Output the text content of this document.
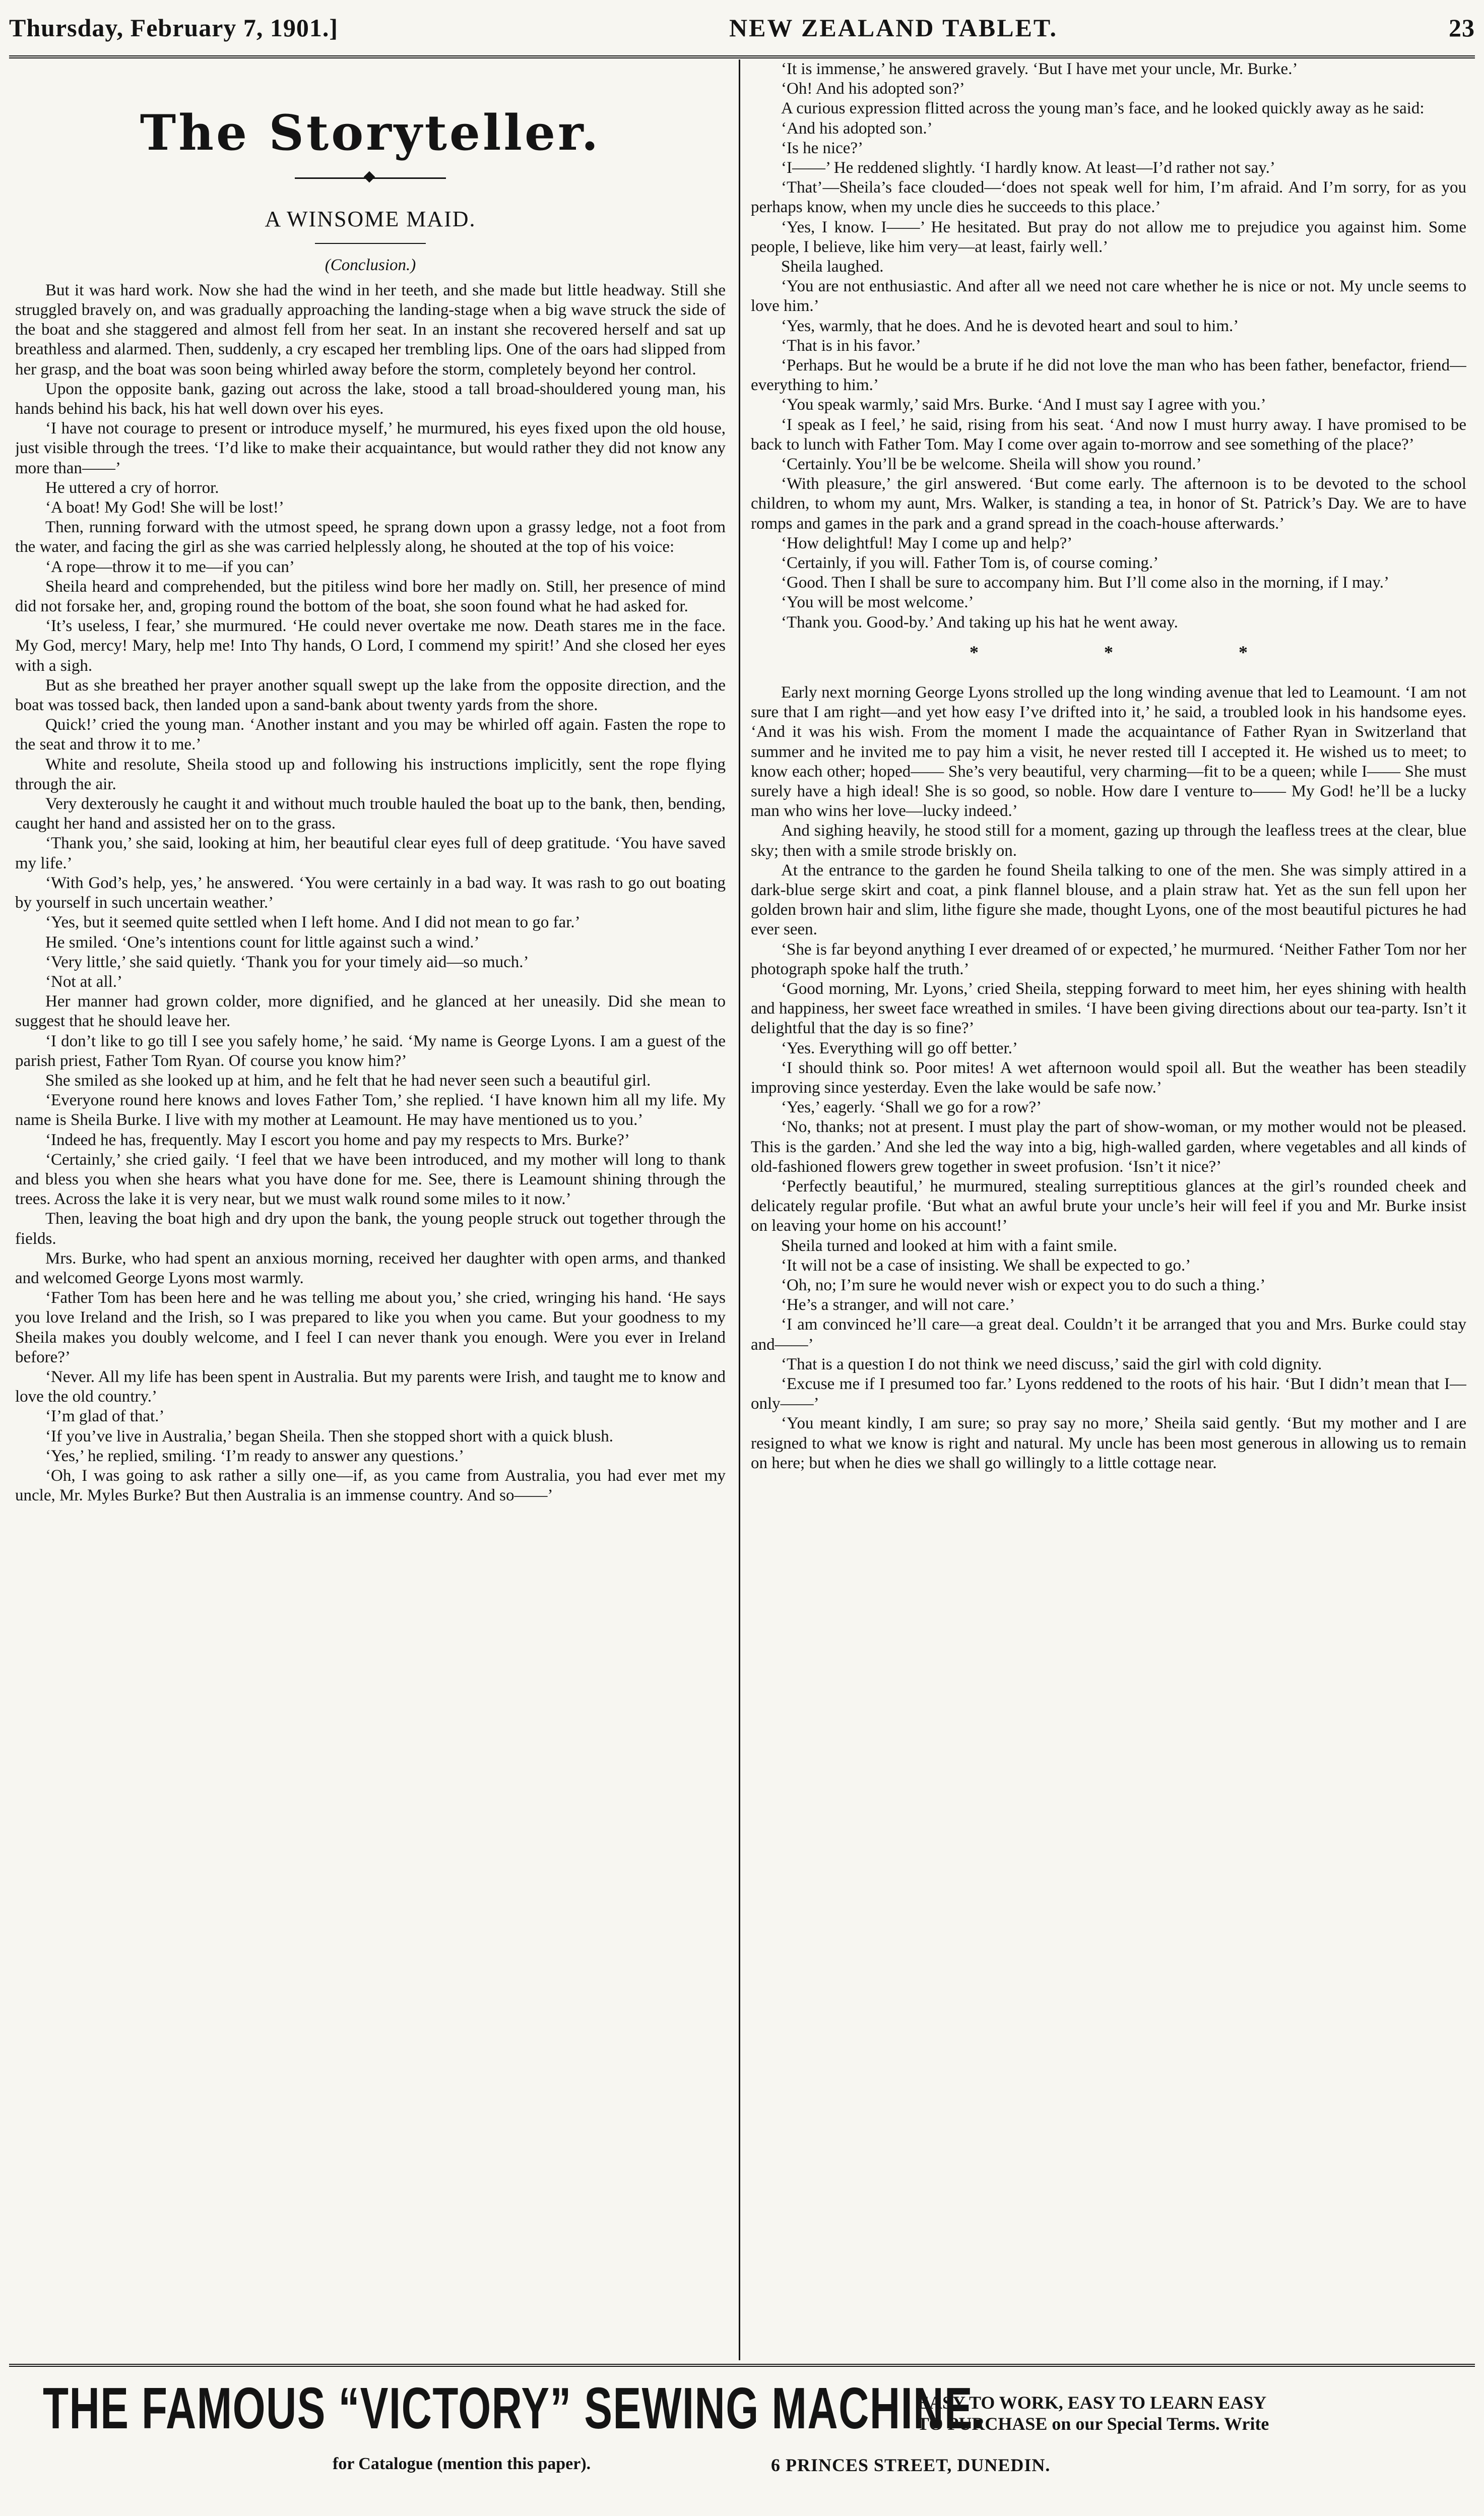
Thursday, February 7, 1901.]	NEW ZEALAND TABLET.	23
The Storyteller.
A WINSOME MAID.
(Conclusion.)

But it was hard work. Now she had the wind in her teeth, and she made but little headway. Still she struggled bravely on, and was gradually approaching the landing-stage when a big wave struck the side of the boat and she staggered and almost fell from her seat. In an instant she recovered herself and sat up breathless and alarmed. Then, suddenly, a cry escaped her trembling lips. One of the oars had slipped from her grasp, and the boat was soon being whirled away before the storm, completely beyond her control.

Upon the opposite bank, gazing out across the lake, stood a tall broad-shouldered young man, his hands behind his back, his hat well down over his eyes.

‘I have not courage to present or introduce myself,’ he murmured, his eyes fixed upon the old house, just visible through the trees. ‘I’d like to make their acquaintance, but would rather they did not know any more than——’

He uttered a cry of horror.

‘A boat! My God! She will be lost!’

Then, running forward with the utmost speed, he sprang down upon a grassy ledge, not a foot from the water, and facing the girl as she was carried helplessly along, he shouted at the top of his voice:

‘A rope—throw it to me—if you can’

Sheila heard and comprehended, but the pitiless wind bore her madly on. Still, her presence of mind did not forsake her, and, groping round the bottom of the boat, she soon found what he had asked for.

‘It’s useless, I fear,’ she murmured. ‘He could never overtake me now. Death stares me in the face. My God, mercy! Mary, help me! Into Thy hands, O Lord, I commend my spirit!’ And she closed her eyes with a sigh.

But as she breathed her prayer another squall swept up the lake from the opposite direction, and the boat was tossed back, then landed upon a sand-bank about twenty yards from the shore.

Quick!’ cried the young man. ‘Another instant and you may be whirled off again. Fasten the rope to the seat and throw it to me.’

White and resolute, Sheila stood up and following his instructions implicitly, sent the rope flying through the air.

Very dexterously he caught it and without much trouble hauled the boat up to the bank, then, bending, caught her hand and assisted her on to the grass.

‘Thank you,’ she said, looking at him, her beautiful clear eyes full of deep gratitude. ‘You have saved my life.’

‘With God’s help, yes,’ he answered. ‘You were certainly in a bad way. It was rash to go out boating by yourself in such uncertain weather.’

‘Yes, but it seemed quite settled when I left home. And I did not mean to go far.’

He smiled. ‘One’s intentions count for little against such a wind.’

‘Very little,’ she said quietly. ‘Thank you for your timely aid—so much.’

‘Not at all.’

Her manner had grown colder, more dignified, and he glanced at her uneasily. Did she mean to suggest that he should leave her.

‘I don’t like to go till I see you safely home,’ he said. ‘My name is George Lyons. I am a guest of the parish priest, Father Tom Ryan. Of course you know him?’

She smiled as she looked up at him, and he felt that he had never seen such a beautiful girl.

‘Everyone round here knows and loves Father Tom,’ she replied. ‘I have known him all my life. My name is Sheila Burke. I live with my mother at Leamount. He may have mentioned us to you.’

‘Indeed he has, frequently. May I escort you home and pay my respects to Mrs. Burke?’

‘Certainly,’ she cried gaily. ‘I feel that we have been introduced, and my mother will long to thank and bless you when she hears what you have done for me. See, there is Leamount shining through the trees. Across the lake it is very near, but we must walk round some miles to it now.’

Then, leaving the boat high and dry upon the bank, the young people struck out together through the fields.

Mrs. Burke, who had spent an anxious morning, received her daughter with open arms, and thanked and welcomed George Lyons most warmly.

‘Father Tom has been here and he was telling me about you,’ she cried, wringing his hand. ‘He says you love Ireland and the Irish, so I was prepared to like you when you came. But your goodness to my Sheila makes you doubly welcome, and I feel I can never thank you enough. Were you ever in Ireland before?’

‘Never. All my life has been spent in Australia. But my parents were Irish, and taught me to know and love the old country.’

‘I’m glad of that.’

‘If you’ve live in Australia,’ began Sheila. Then she stopped short with a quick blush.

‘Yes,’ he replied, smiling. ‘I’m ready to answer any questions.’

‘Oh, I was going to ask rather a silly one—if, as you came from Australia, you had ever met my uncle, Mr. Myles Burke? But then Australia is an immense country. And so——’

‘It is immense,’ he answered gravely. ‘But I have met your uncle, Mr. Burke.’

‘Oh! And his adopted son?’

A curious expression flitted across the young man’s face, and he looked quickly away as he said:

‘And his adopted son.’

‘Is he nice?’

‘I——’ He reddened slightly. ‘I hardly know. At least—I’d rather not say.’

‘That’—Sheila’s face clouded—‘does not speak well for him, I’m afraid. And I’m sorry, for as you perhaps know, when my uncle dies he succeeds to this place.’

‘Yes, I know. I——’ He hesitated. But pray do not allow me to prejudice you against him. Some people, I believe, like him very—at least, fairly well.’

Sheila laughed.

‘You are not enthusiastic. And after all we need not care whether he is nice or not. My uncle seems to love him.’

‘Yes, warmly, that he does. And he is devoted heart and soul to him.’

‘That is in his favor.’

‘Perhaps. But he would be a brute if he did not love the man who has been father, benefactor, friend—everything to him.’

‘You speak warmly,’ said Mrs. Burke. ‘And I must say I agree with you.’

‘I speak as I feel,’ he said, rising from his seat. ‘And now I must hurry away. I have promised to be back to lunch with Father Tom. May I come over again to-morrow and see something of the place?’

‘Certainly. You’ll be be welcome. Sheila will show you round.’

‘With pleasure,’ the girl answered. ‘But come early. The afternoon is to be devoted to the school children, to whom my aunt, Mrs. Walker, is standing a tea, in honor of St. Patrick’s Day. We are to have romps and games in the park and a grand spread in the coach-house afterwards.’

‘How delightful! May I come up and help?’

‘Certainly, if you will. Father Tom is, of course coming.’

‘Good. Then I shall be sure to accompany him. But I’ll come also in the morning, if I may.’

‘You will be most welcome.’

‘Thank you. Good-by.’ And taking up his hat he went away.

* * *

Early next morning George Lyons strolled up the long winding avenue that led to Leamount. ‘I am not sure that I am right—and yet how easy I’ve drifted into it,’ he said, a troubled look in his handsome eyes. ‘And it was his wish. From the moment I made the acquaintance of Father Ryan in Switzerland that summer and he invited me to pay him a visit, he never rested till I accepted it. He wished us to meet; to know each other; hoped—— She’s very beautiful, very charming—fit to be a queen; while I—— She must surely have a high ideal! She is so good, so noble. How dare I venture to—— My God! he’ll be a lucky man who wins her love—lucky indeed.’

And sighing heavily, he stood still for a moment, gazing up through the leafless trees at the clear, blue sky; then with a smile strode briskly on.

At the entrance to the garden he found Sheila talking to one of the men. She was simply attired in a dark-blue serge skirt and coat, a pink flannel blouse, and a plain straw hat. Yet as the sun fell upon her golden brown hair and slim, lithe figure she made, thought Lyons, one of the most beautiful pictures he had ever seen.

‘She is far beyond anything I ever dreamed of or expected,’ he murmured. ‘Neither Father Tom nor her photograph spoke half the truth.’

‘Good morning, Mr. Lyons,’ cried Sheila, stepping forward to meet him, her eyes shining with health and happiness, her sweet face wreathed in smiles. ‘I have been giving directions about our tea-party. Isn’t it delightful that the day is so fine?’

‘Yes. Everything will go off better.’

‘I should think so. Poor mites! A wet afternoon would spoil all. But the weather has been steadily improving since yesterday. Even the lake would be safe now.’

‘Yes,’ eagerly. ‘Shall we go for a row?’

‘No, thanks; not at present. I must play the part of show-woman, or my mother would not be pleased. This is the garden.’ And she led the way into a big, high-walled garden, where vegetables and all kinds of old-fashioned flowers grew together in sweet profusion. ‘Isn’t it nice?’

‘Perfectly beautiful,’ he murmured, stealing surreptitious glances at the girl’s rounded cheek and delicately regular profile. ‘But what an awful brute your uncle’s heir will feel if you and Mr. Burke insist on leaving your home on his account!’

Sheila turned and looked at him with a faint smile.

‘It will not be a case of insisting. We shall be expected to go.’

‘Oh, no; I’m sure he would never wish or expect you to do such a thing.’

‘He’s a stranger, and will not care.’

‘I am convinced he’ll care—a great deal. Couldn’t it be arranged that you and Mrs. Burke could stay and——’

‘That is a question I do not think we need discuss,’ said the girl with cold dignity.

‘Excuse me if I presumed too far.’ Lyons reddened to the roots of his hair. ‘But I didn’t mean that I—only——’

‘You meant kindly, I am sure; so pray say no more,’ Sheila said gently. ‘But my mother and I are resigned to what we know is right and natural. My uncle has been most generous in allowing us to remain on here; but when he dies we shall go willingly to a little cottage near.

THE FAMOUS “VICTORY” SEWING MACHINE.
EASY TO WORK, EASY TO LEARN EASY
TO PURCHASE on our Special Terms. Write
for Catalogue (mention this paper).	6 PRINCES STREET, DUNEDIN.
